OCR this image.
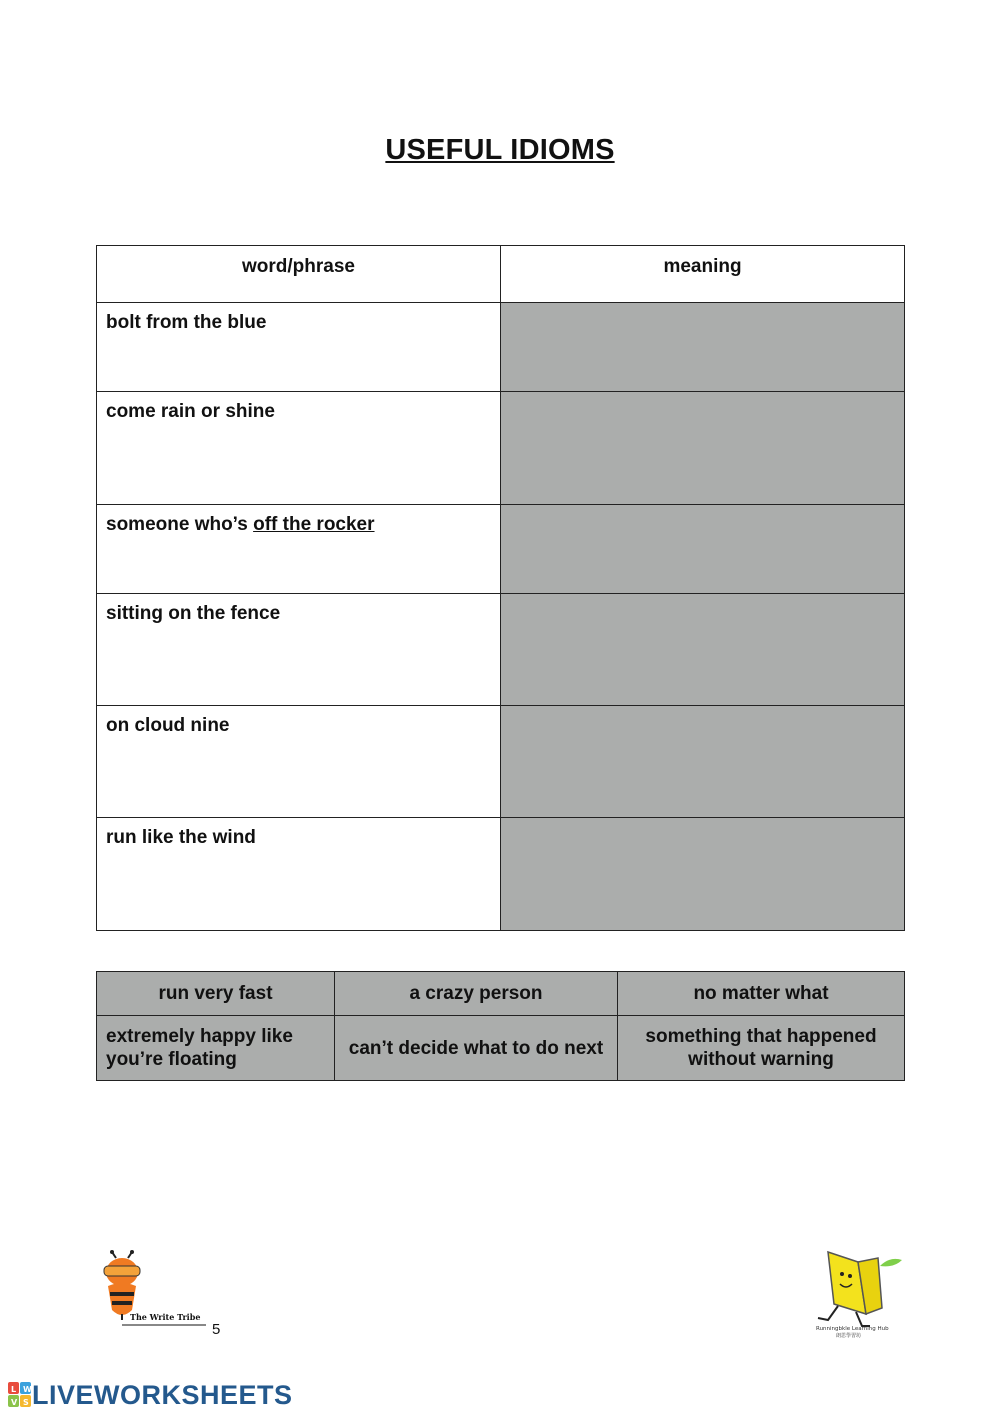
USEFUL IDIOMS
word/phrase	meaning
bolt from the blue	
come rain or shine	
someone who’s off the rocker	
sitting on the fence	
on cloud nine	
run like the wind	
run very fast	a crazy person	no matter what
extremely happy like you’re floating	can’t decide what to do next	something that happened without warning
The Write Tribe
5	Runningbkle Learning Hub
朗思學習坊
L W
V S LIVEWORKSHEETS
